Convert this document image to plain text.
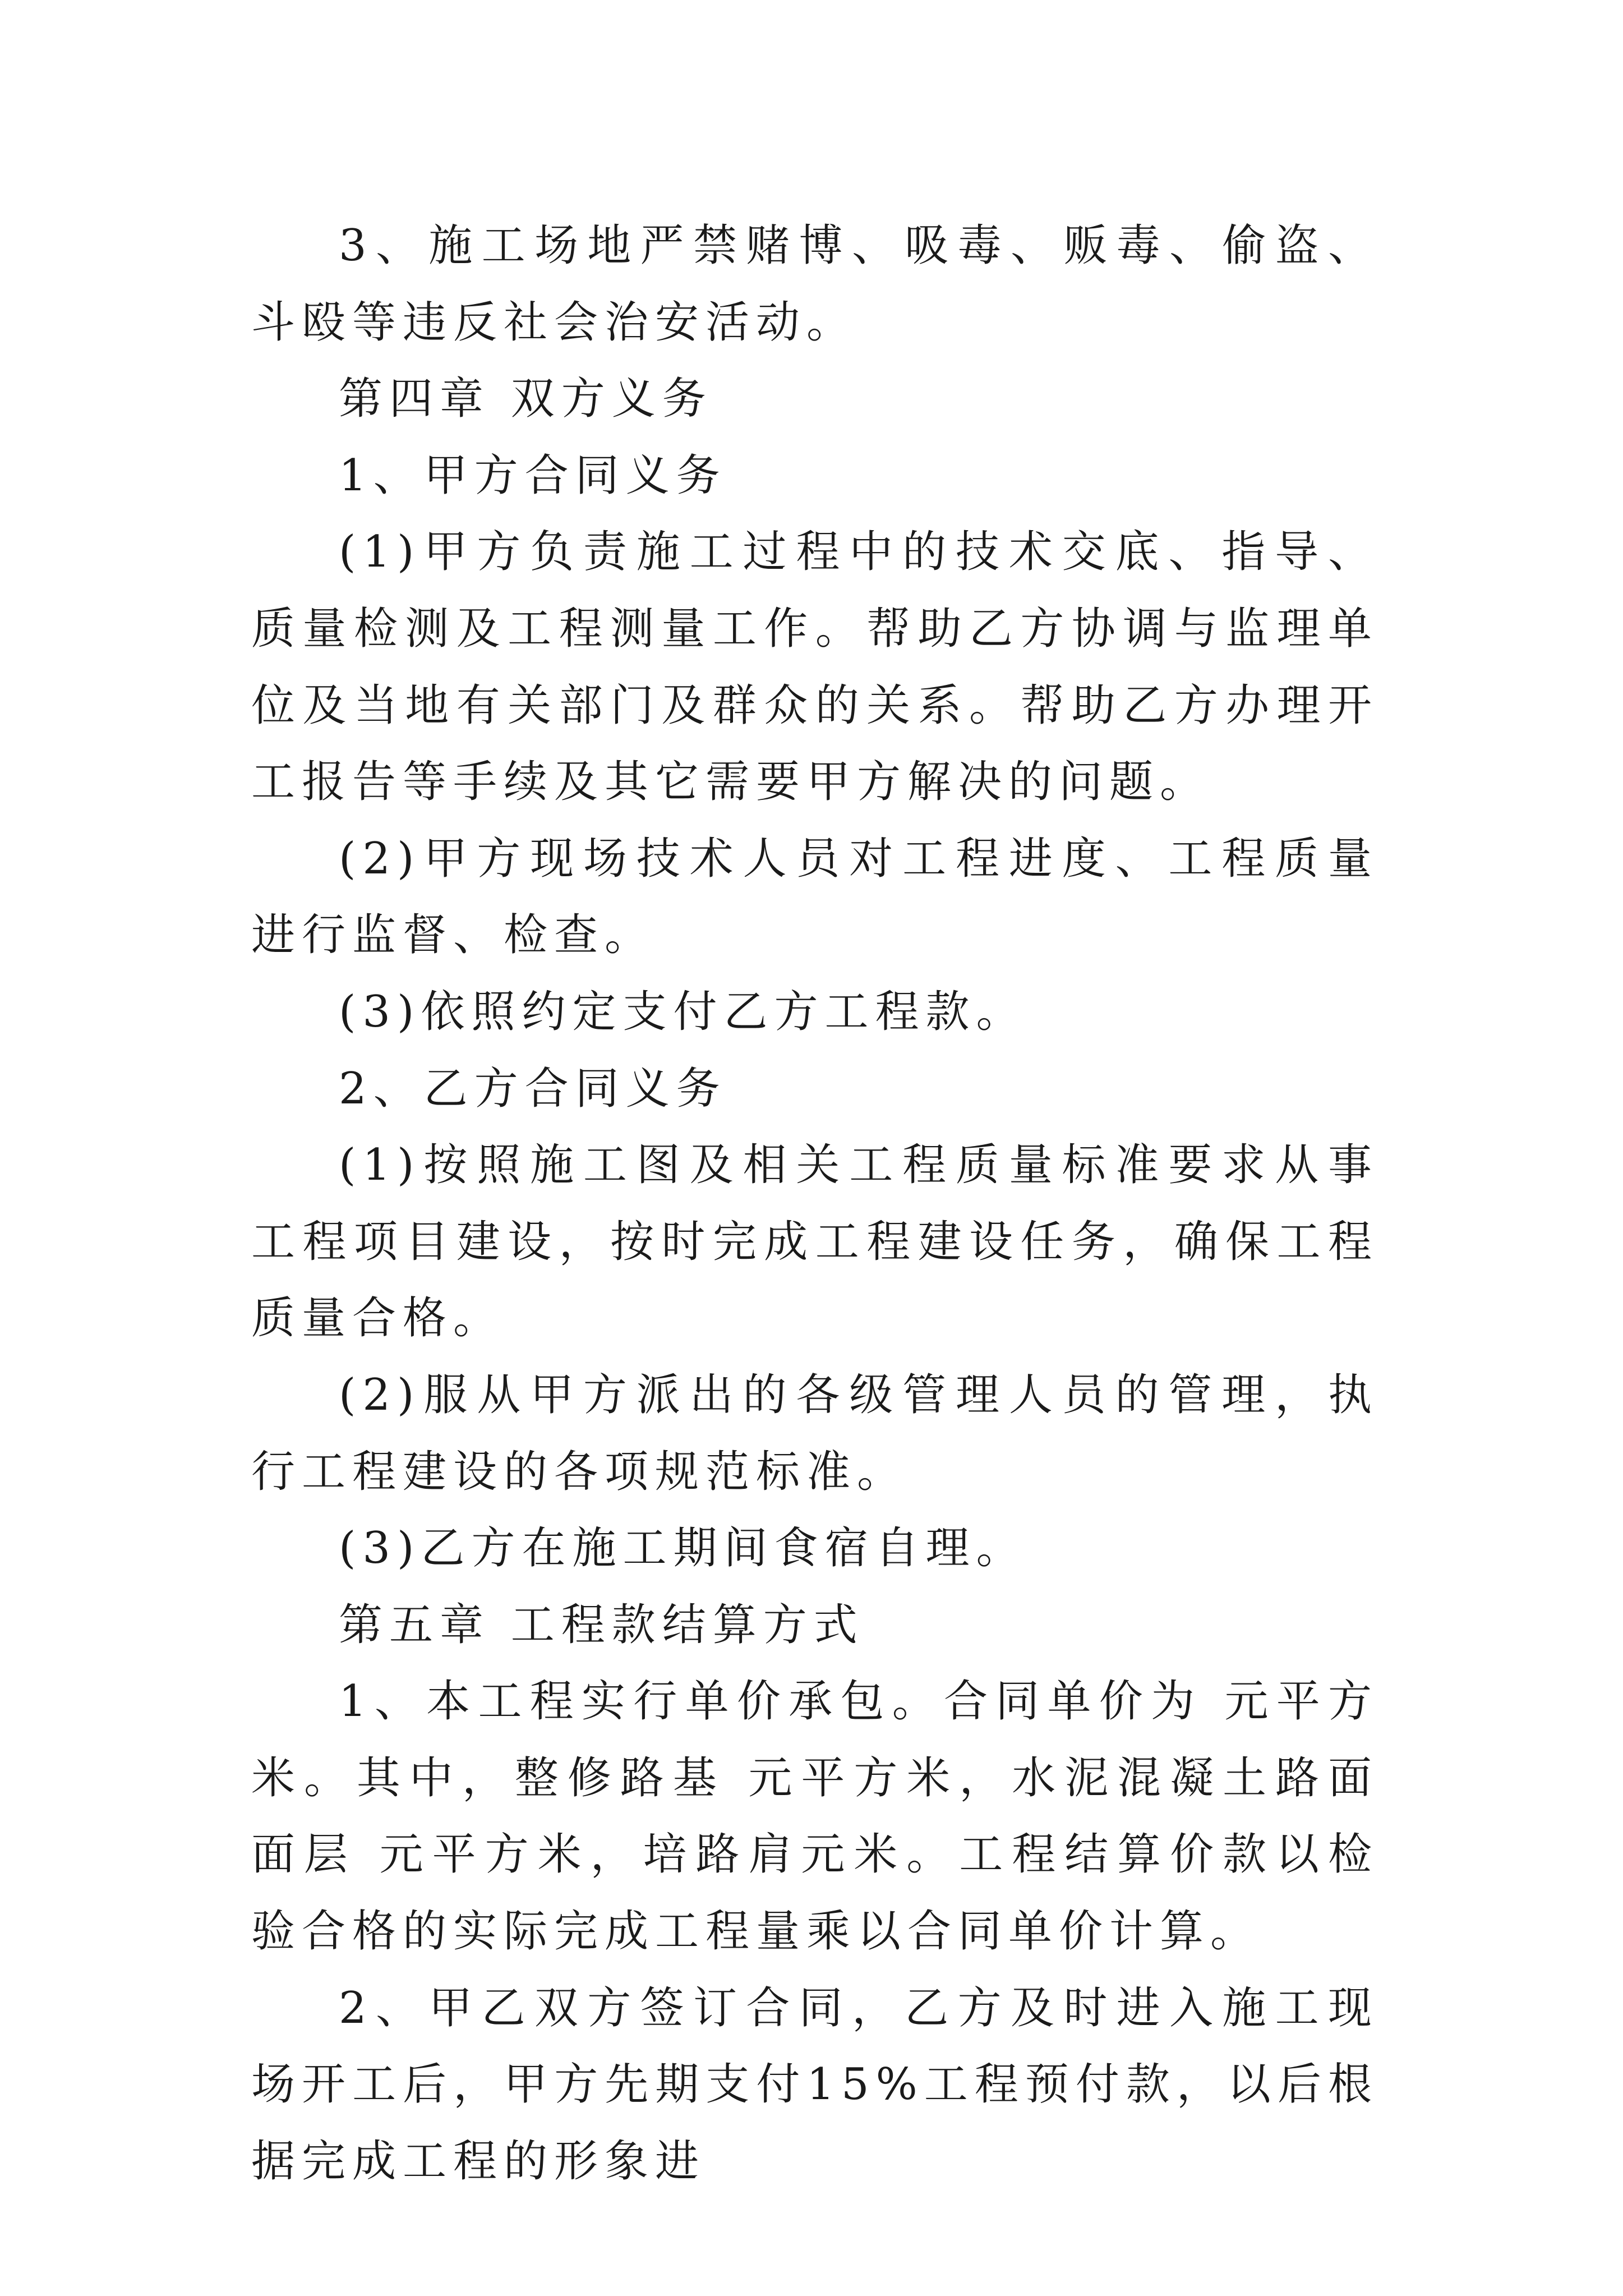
3、施工场地严禁赌博、吸毒、贩毒、偷盗、斗殴等违反社会治安活动。

第四章 双方义务

1、甲方合同义务

(1)甲方负责施工过程中的技术交底、指导、质量检测及工程测量工作。帮助乙方协调与监理单位及当地有关部门及群众的关系。帮助乙方办理开工报告等手续及其它需要甲方解决的问题。

(2)甲方现场技术人员对工程进度、工程质量进行监督、检查。

(3)依照约定支付乙方工程款。

2、乙方合同义务

(1)按照施工图及相关工程质量标准要求从事工程项目建设，按时完成工程建设任务，确保工程质量合格。

(2)服从甲方派出的各级管理人员的管理，执行工程建设的各项规范标准。

(3)乙方在施工期间食宿自理。

第五章 工程款结算方式

1、本工程实行单价承包。合同单价为 元平方米。其中，整修路基 元平方米，水泥混凝土路面面层 元平方米，培路肩元米。工程结算价款以检验合格的实际完成工程量乘以合同单价计算。

2、甲乙双方签订合同，乙方及时进入施工现场开工后，甲方先期支付15%工程预付款，以后根据完成工程的形象进
